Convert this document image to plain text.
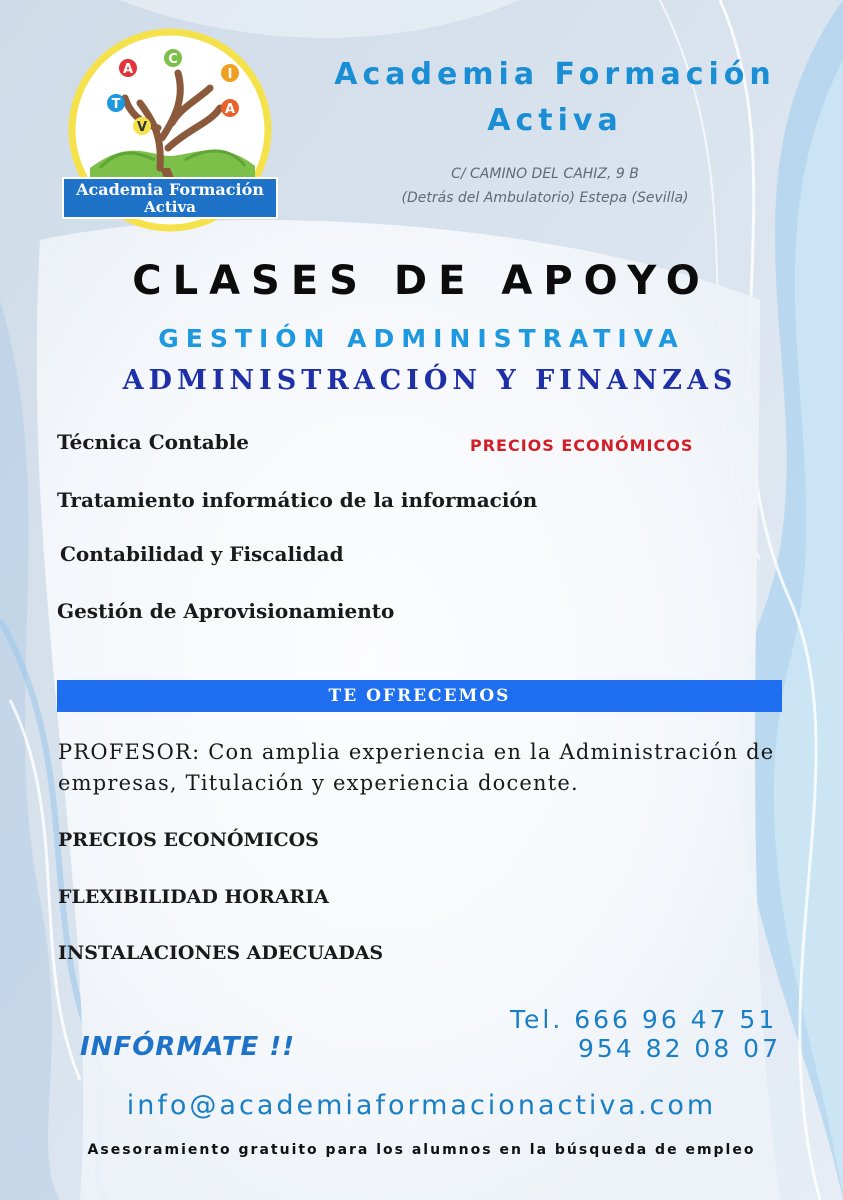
A
C
T
I
V
A
Academia Formación
Activa
Academia Formación Activa
C/ CAMINO DEL CAHIZ, 9 B
(Detrás del Ambulatorio) Estepa (Sevilla)
CLASES DE APOYO
GESTIÓN ADMINISTRATIVA
ADMINISTRACIÓN Y FINANZAS
Técnica Contable	PRECIOS ECONÓMICOS
Tratamiento informático de la información
Contabilidad y Fiscalidad
Gestión de Aprovisionamiento
TE OFRECEMOS
PROFESOR: Con amplia experiencia en la Administración de empresas, Titulación y experiencia docente.
PRECIOS ECONÓMICOS
FLEXIBILIDAD HORARIA
INSTALACIONES ADECUADAS
Tel. 666 96 47 51
954 82 08 07
INFÓRMATE !!
info@academiaformacionactiva.com
Asesoramiento gratuito para los alumnos en la búsqueda de empleo
